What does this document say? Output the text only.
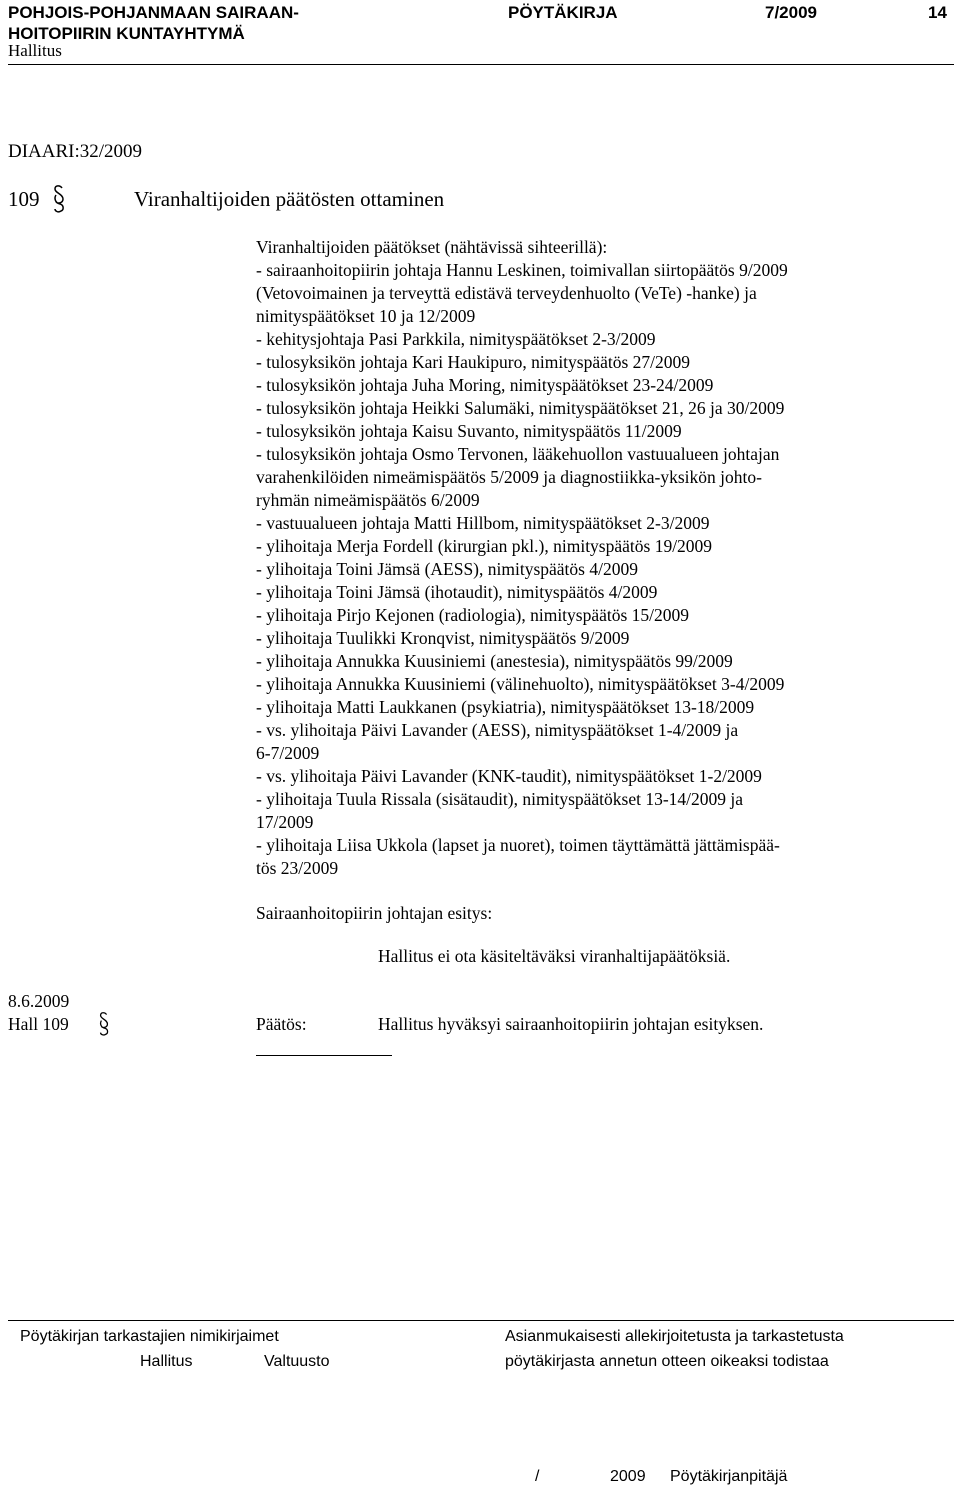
POHJOIS-POHJANMAAN SAIRAAN-
HOITOPIIRIN KUNTAYHTYMÄ
PÖYTÄKIRJA	7/2009	14
Hallitus
DIAARI:32/2009
109	Viranhaltijoiden päätösten ottaminen
Viranhaltijoiden päätökset (nähtävissä sihteerillä):
- sairaanhoitopiirin johtaja Hannu Leskinen, toimivallan siirtopäätös 9/2009
(Vetovoimainen ja terveyttä edistävä terveydenhuolto (VeTe) -hanke) ja
nimityspäätökset 10 ja 12/2009
- kehitysjohtaja Pasi Parkkila, nimityspäätökset 2-3/2009
- tulosyksikön johtaja Kari Haukipuro, nimityspäätös 27/2009
- tulosyksikön johtaja Juha Moring, nimityspäätökset 23-24/2009
- tulosyksikön johtaja Heikki Salumäki, nimityspäätökset 21, 26 ja 30/2009
- tulosyksikön johtaja Kaisu Suvanto, nimityspäätös 11/2009
- tulosyksikön johtaja Osmo Tervonen, lääkehuollon vastuualueen johtajan
varahenkilöiden nimeämispäätös 5/2009 ja diagnostiikka-yksikön johto-
ryhmän nimeämispäätös 6/2009
- vastuualueen johtaja Matti Hillbom, nimityspäätökset 2-3/2009
- ylihoitaja Merja Fordell (kirurgian pkl.), nimityspäätös 19/2009
- ylihoitaja Toini Jämsä (AESS), nimityspäätös 4/2009
- ylihoitaja Toini Jämsä (ihotaudit), nimityspäätös 4/2009
- ylihoitaja Pirjo Kejonen (radiologia), nimityspäätös 15/2009
- ylihoitaja Tuulikki Kronqvist, nimityspäätös 9/2009
- ylihoitaja Annukka Kuusiniemi (anestesia), nimityspäätös 99/2009
- ylihoitaja Annukka Kuusiniemi (välinehuolto), nimityspäätökset 3-4/2009
- ylihoitaja Matti Laukkanen (psykiatria), nimityspäätökset 13-18/2009
- vs. ylihoitaja Päivi Lavander (AESS), nimityspäätökset 1-4/2009 ja
6-7/2009
- vs. ylihoitaja Päivi Lavander (KNK-taudit), nimityspäätökset 1-2/2009
- ylihoitaja Tuula Rissala (sisätaudit), nimityspäätökset 13-14/2009 ja
17/2009
- ylihoitaja Liisa Ukkola (lapset ja nuoret), toimen täyttämättä jättämispää-
tös 23/2009
Sairaanhoitopiirin johtajan esitys:
Hallitus ei ota käsiteltäväksi viranhaltijapäätöksiä.
8.6.2009
Hall 109	Päätös:	Hallitus hyväksyi sairaanhoitopiirin johtajan esityksen.
Pöytäkirjan tarkastajien nimikirjaimet
Hallitus	Valtuusto
Asianmukaisesti allekirjoitetusta ja tarkastetusta
pöytäkirjasta annetun otteen oikeaksi todistaa
/	2009 Pöytäkirjanpitäjä
